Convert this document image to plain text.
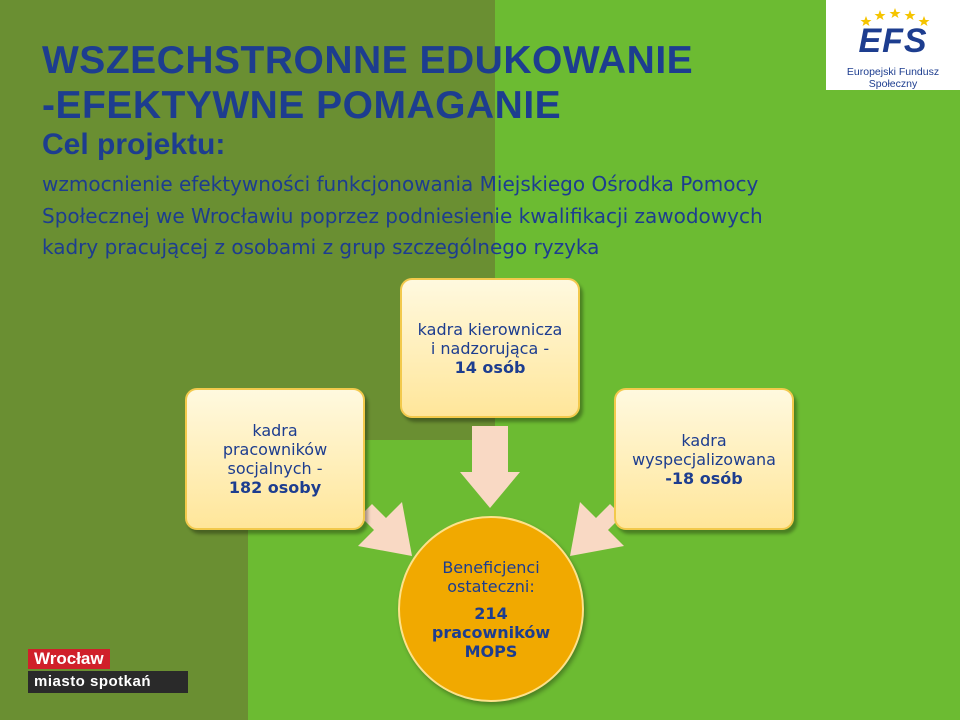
WSZECHSTRONNE EDUKOWANIE
-EFEKTYWNE POMAGANIE
Cel projektu:

wzmocnienie efektywności funkcjonowania Miejskiego Ośrodka Pomocy Społecznej we Wrocławiu poprzez podniesienie kwalifikacji zawodowych kadry pracującej z osobami z grup szczególnego ryzyka

EFS
Europejski Fundusz Społeczny
kadra kierownicza
i nadzorująca -
14 osób
kadra
pracowników
socjalnych -
182 osoby
kadra
wyspecjalizowana
-18 osób
Beneficjenci
ostateczni:
214
pracowników
MOPS
Wrocław
miasto spotkań
